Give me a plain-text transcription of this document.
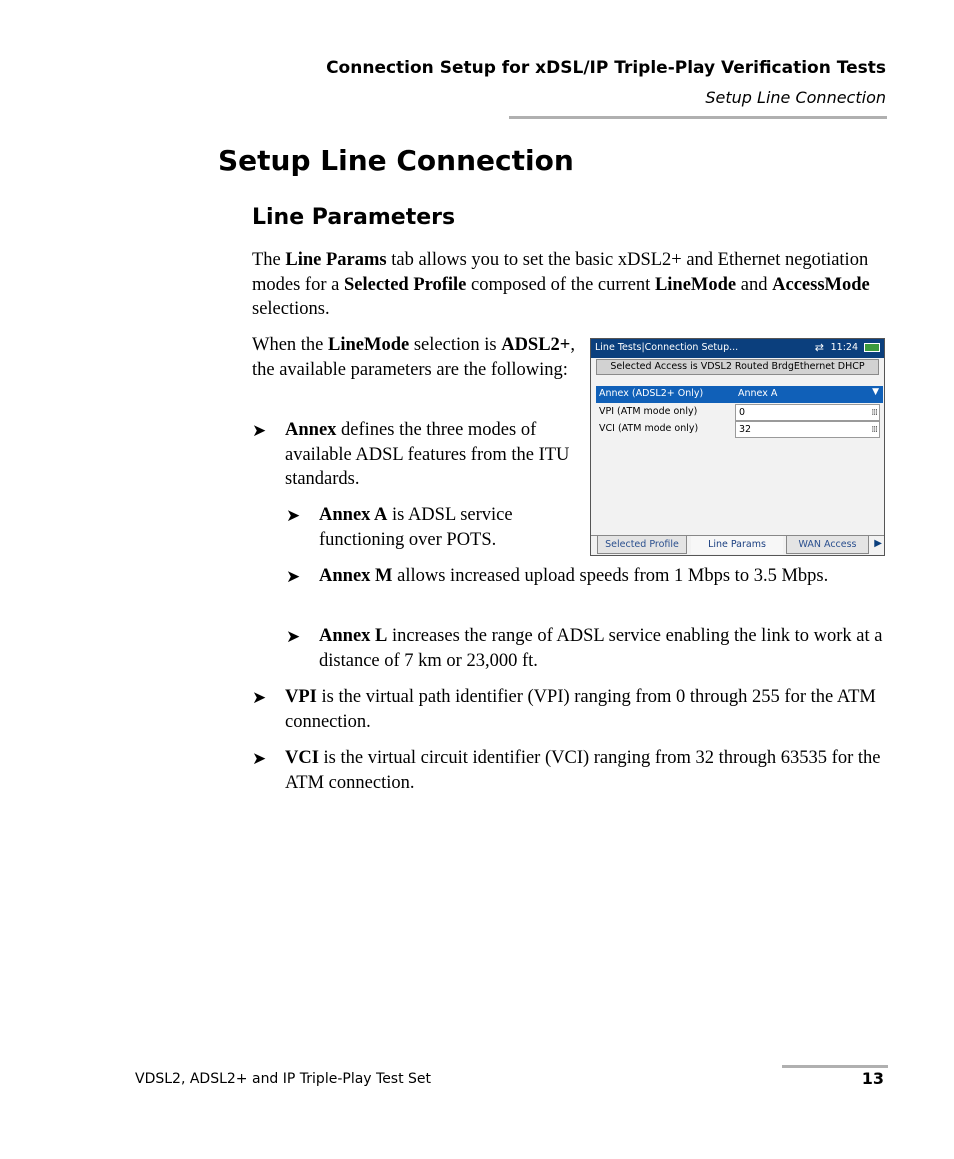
Connection Setup for xDSL/IP Triple-Play Verification Tests
Setup Line Connection
Setup Line Connection
Line Parameters
The Line Params tab allows you to set the basic xDSL2+ and Ethernet negotiation modes for a Selected Profile composed of the current LineMode and AccessMode selections.
When the LineMode selection is ADSL2+, the available parameters are the following:
➤	Annex defines the three modes of available ADSL features from the ITU standards.
➤	Annex A is ADSL service functioning over POTS.
➤	Annex M allows increased upload speeds from 1 Mbps to 3.5 Mbps.
➤	Annex L increases the range of ADSL service enabling the link to work at a distance of 7 km or 23,000 ft.
➤	VPI is the virtual path identifier (VPI) ranging from 0 through 255 for the ATM connection.
➤	VCI is the virtual circuit identifier (VCI) ranging from 32 through 63535 for the ATM connection.
Line Tests|Connection Setup...	⇄ 11:24
Selected Access is VDSL2 Routed BrdgEthernet DHCP
Annex (ADSL2+ Only)	Annex A	▼
VPI (ATM mode only)	0	⁞⁞⁞
VCI (ATM mode only)	32	⁞⁞⁞
Selected Profile	Line Params	WAN Access	▶
VDSL2, ADSL2+ and IP Triple-Play Test Set	13
